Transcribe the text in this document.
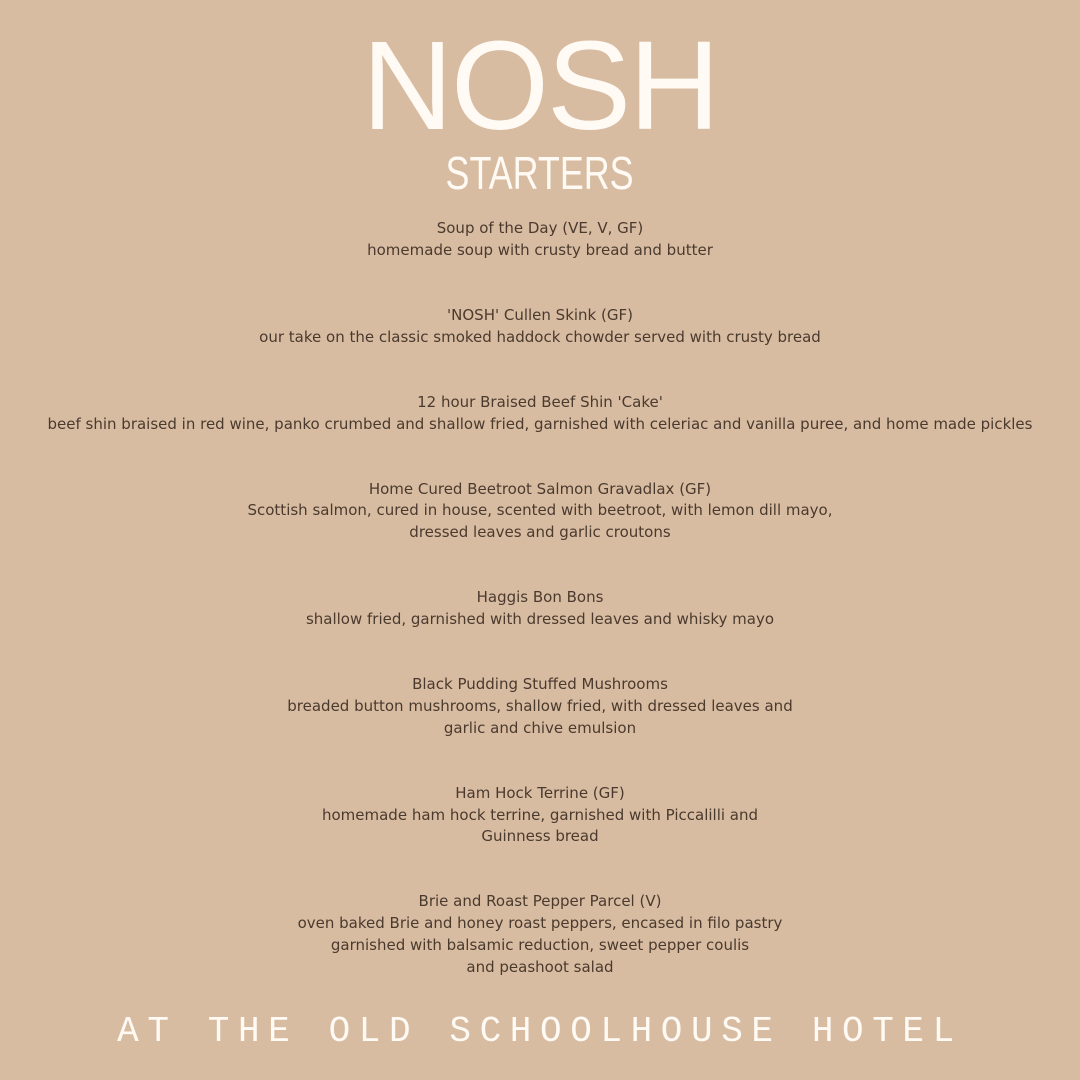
NOSH
STARTERS
Soup of the Day (VE, V, GF)
homemade soup with crusty bread and butter
'NOSH' Cullen Skink (GF)
our take on the classic smoked haddock chowder served with crusty bread
12 hour Braised Beef Shin 'Cake'
beef shin braised in red wine, panko crumbed and shallow fried, garnished with celeriac and vanilla puree, and home made pickles
Home Cured Beetroot Salmon Gravadlax (GF)
Scottish salmon, cured in house, scented with beetroot, with lemon dill mayo,
dressed leaves and garlic croutons
Haggis Bon Bons
shallow fried, garnished with dressed leaves and whisky mayo
Black Pudding Stuffed Mushrooms
breaded button mushrooms, shallow fried, with dressed leaves and
garlic and chive emulsion
Ham Hock Terrine (GF)
homemade ham hock terrine, garnished with Piccalilli and
Guinness bread
Brie and Roast Pepper Parcel (V)
oven baked Brie and honey roast peppers, encased in filo pastry
garnished with balsamic reduction, sweet pepper coulis
and peashoot salad
AT THE OLD SCHOOLHOUSE HOTEL
